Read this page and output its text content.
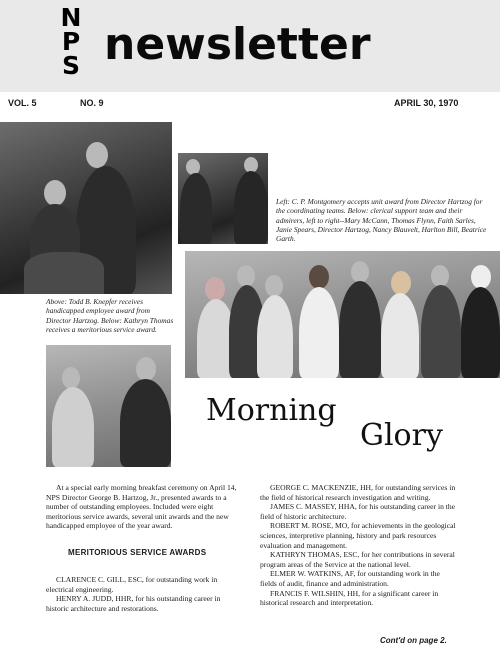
​
N
P
S newsletter
VOL. 5	NO. 9	APRIL 30, 1970
Left: C. P. Montgomery accepts unit award from Director Hartzog for the coordinating teams. Below: clerical support team and their admirers, left to right--Mary McCann, Thomas Flynn, Faith Sarles, Janie Spears, Director Hartzog, Nancy Blauvelt, Harlton Bill, Beatrice Garth.
Above: Todd B. Knepfer receives handicapped employee award from Director Hartzog. Below: Kathryn Thomas receives a meritorious service award.
Morning
Glory

At a special early morning breakfast ceremony on April 14, NPS Director George B. Hartzog, Jr., presented awards to a number of outstanding employees. Included were eight meritorious service awards, several unit awards and the new handicapped employee of the year award.

MERITORIOUS SERVICE AWARDS

CLARENCE C. GILL, ESC, for outstanding work in electrical engineering.

HENRY A. JUDD, HHR, for his outstanding career in historic architecture and restorations.

GEORGE C. MACKENZIE, HH, for outstanding services in the field of historical research investigation and writing.

JAMES C. MASSEY, HHA, for his outstanding career in the field of historic architecture.

ROBERT M. ROSE, MO, for achievements in the geological sciences, interpretive planning, history and park resources evaluation and management.

KATHRYN THOMAS, ESC, for her contributions in several program areas of the Service at the national level.

ELMER W. WATKINS, AF, for outstanding work in the fields of audit, finance and administration.

FRANCIS F. WILSHIN, HH, for a significant career in historical research and interpretation.

Cont'd on page 2.
